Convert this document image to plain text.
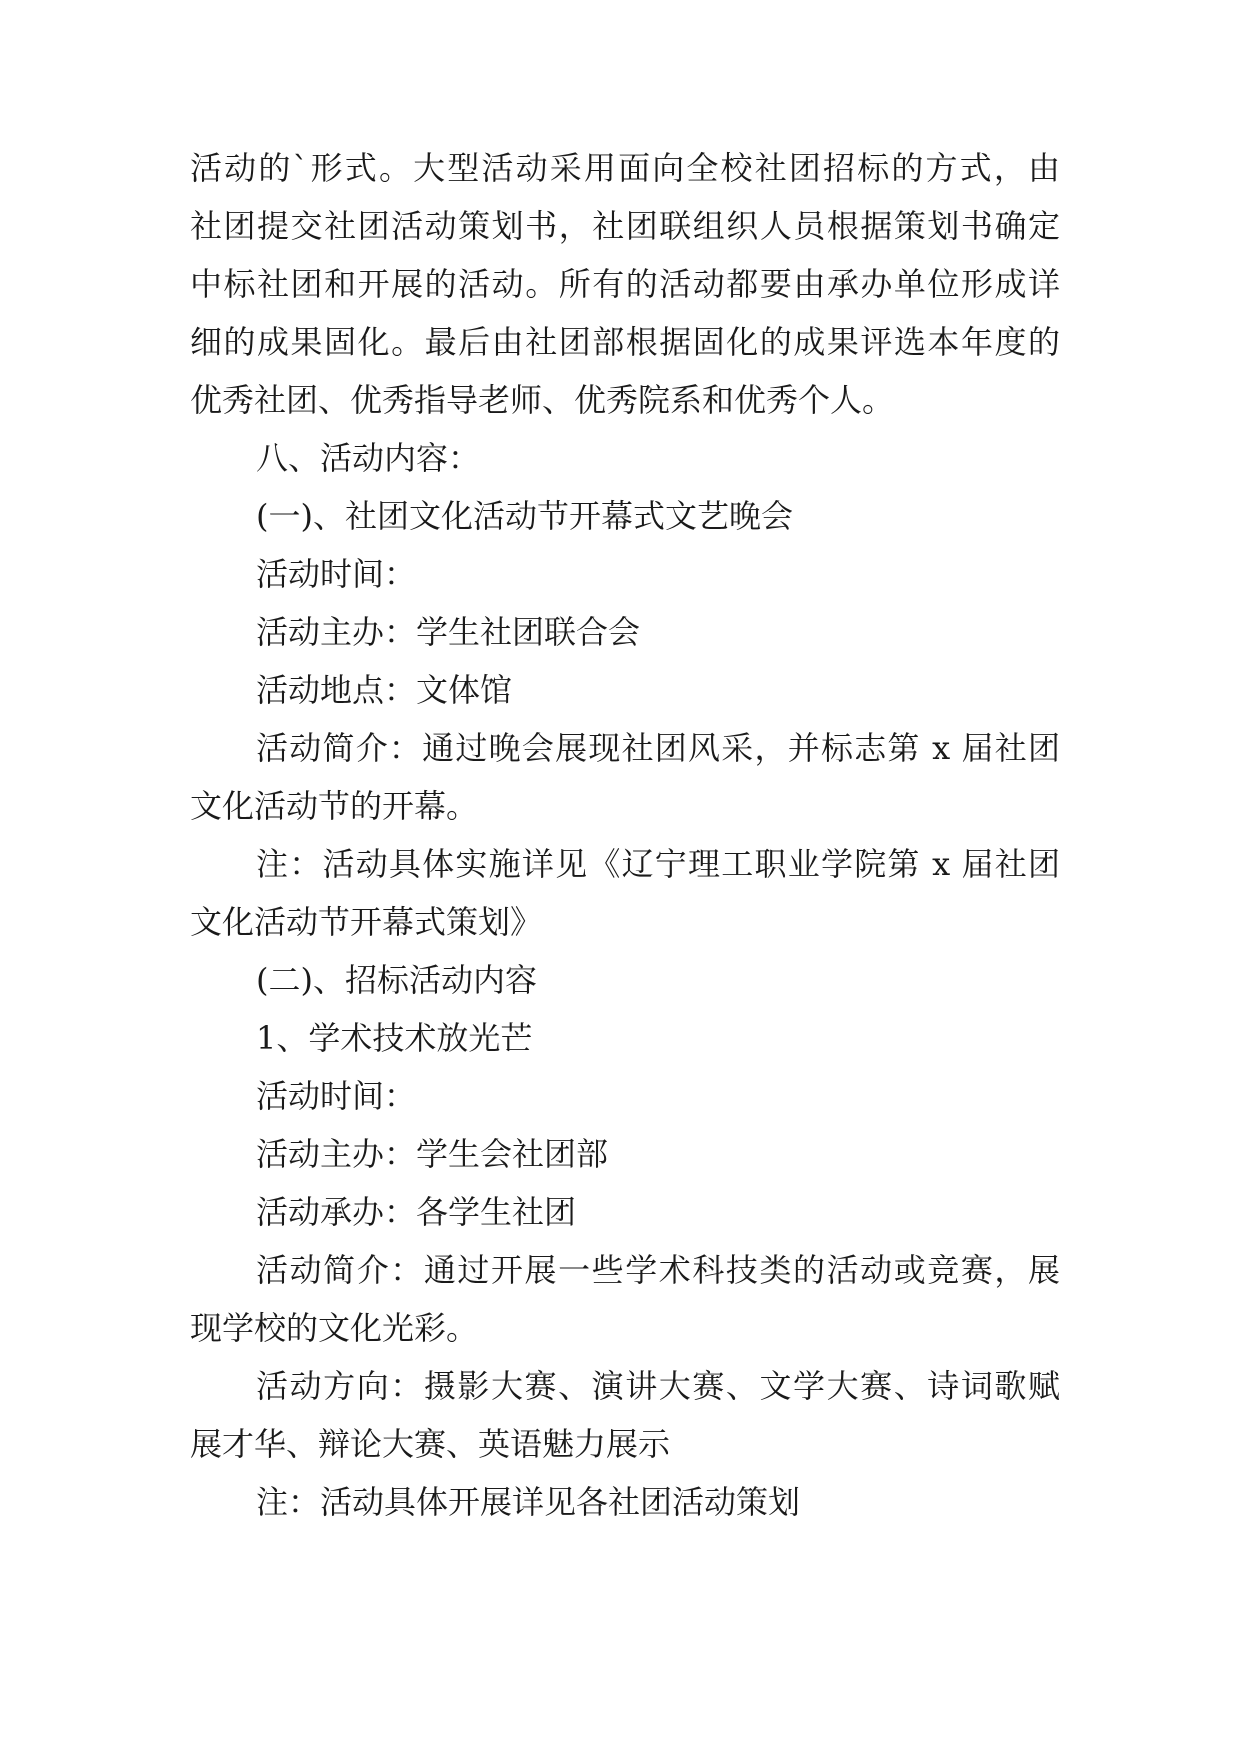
活动的`形式。大型活动采用面向全校社团招标的方式，由
社团提交社团活动策划书，社团联组织人员根据策划书确定
中标社团和开展的活动。所有的活动都要由承办单位形成详
细的成果固化。最后由社团部根据固化的成果评选本年度的
优秀社团、优秀指导老师、优秀院系和优秀个人。
八、活动内容：
(一)、社团文化活动节开幕式文艺晚会
活动时间：
活动主办：学生社团联合会
活动地点：文体馆
活动简介：通过晚会展现社团风采，并标志第 x 届社团
文化活动节的开幕。
注：活动具体实施详见《辽宁理工职业学院第 x 届社团
文化活动节开幕式策划》
(二)、招标活动内容
1、学术技术放光芒
活动时间：
活动主办：学生会社团部
活动承办：各学生社团
活动简介：通过开展一些学术科技类的活动或竞赛，展
现学校的文化光彩。
活动方向：摄影大赛、演讲大赛、文学大赛、诗词歌赋
展才华、辩论大赛、英语魅力展示
注：活动具体开展详见各社团活动策划
